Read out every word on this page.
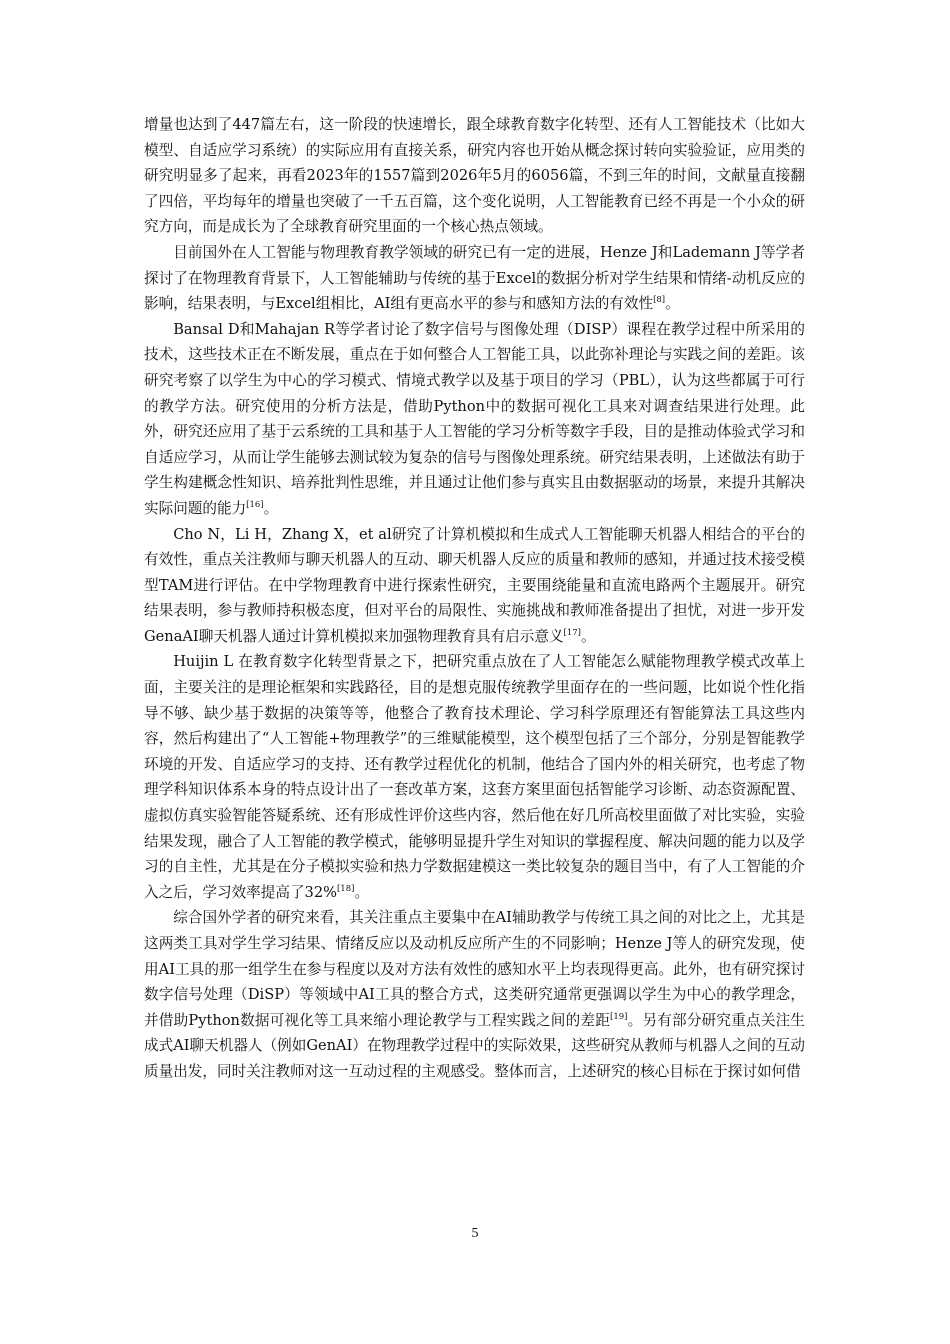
增量也达到了447篇左右，这一阶段的快速增长，跟全球教育数字化转型、还有人工智能技术（比如大模型、自适应学习系统）的实际应用有直接关系，研究内容也开始从概念探讨转向实验验证，应用类的研究明显多了起来，再看2023年的1557篇到2026年5月的6056篇，不到三年的时间，文献量直接翻了四倍，平均每年的增量也突破了一千五百篇，这个变化说明，人工智能教育已经不再是一个小众的研究方向，而是成长为了全球教育研究里面的一个核心热点领域。

目前国外在人工智能与物理教育教学领域的研究已有一定的进展，Henze J和Lademann J等学者探讨了在物理教育背景下，人工智能辅助与传统的基于Excel的数据分析对学生结果和情绪-动机反应的影响，结果表明，与Excel组相比，AI组有更高水平的参与和感知方法的有效性[8]。

Bansal D和Mahajan R等学者讨论了数字信号与图像处理（DISP）课程在教学过程中所采用的技术，这些技术正在不断发展，重点在于如何整合人工智能工具，以此弥补理论与实践之间的差距。该研究考察了以学生为中心的学习模式、情境式教学以及基于项目的学习（PBL），认为这些都属于可行的教学方法。研究使用的分析方法是，借助Python中的数据可视化工具来对调查结果进行处理。此外，研究还应用了基于云系统的工具和基于人工智能的学习分析等数字手段，目的是推动体验式学习和自适应学习，从而让学生能够去测试较为复杂的信号与图像处理系统。研究结果表明，上述做法有助于学生构建概念性知识、培养批判性思维，并且通过让他们参与真实且由数据驱动的场景，来提升其解决实际问题的能力[16]。

Cho N，Li H，Zhang X，et al研究了计算机模拟和生成式人工智能聊天机器人相结合的平台的有效性，重点关注教师与聊天机器人的互动、聊天机器人反应的质量和教师的感知，并通过技术接受模型TAM进行评估。在中学物理教育中进行探索性研究，主要围绕能量和直流电路两个主题展开。研究结果表明，参与教师持积极态度，但对平台的局限性、实施挑战和教师准备提出了担忧，对进一步开发GenaAI聊天机器人通过计算机模拟来加强物理教育具有启示意义[17]。

Huijin L 在教育数字化转型背景之下，把研究重点放在了人工智能怎么赋能物理教学模式改革上面，主要关注的是理论框架和实践路径，目的是想克服传统教学里面存在的一些问题，比如说个性化指导不够、缺少基于数据的决策等等，他整合了教育技术理论、学习科学原理还有智能算法工具这些内容，然后构建出了“人工智能+物理教学”的三维赋能模型，这个模型包括了三个部分，分别是智能教学环境的开发、自适应学习的支持、还有教学过程优化的机制，他结合了国内外的相关研究，也考虑了物理学科知识体系本身的特点设计出了一套改革方案，这套方案里面包括智能学习诊断、动态资源配置、虚拟仿真实验智能答疑系统、还有形成性评价这些内容，然后他在好几所高校里面做了对比实验，实验结果发现，融合了人工智能的教学模式，能够明显提升学生对知识的掌握程度、解决问题的能力以及学习的自主性，尤其是在分子模拟实验和热力学数据建模这一类比较复杂的题目当中，有了人工智能的介入之后，学习效率提高了32%[18]。

综合国外学者的研究来看，其关注重点主要集中在AI辅助教学与传统工具之间的对比之上，尤其是这两类工具对学生学习结果、情绪反应以及动机反应所产生的不同影响；Henze J等人的研究发现，使用AI工具的那一组学生在参与程度以及对方法有效性的感知水平上均表现得更高。此外，也有研究探讨数字信号处理（DiSP）等领域中AI工具的整合方式，这类研究通常更强调以学生为中心的教学理念，并借助Python数据可视化等工具来缩小理论教学与工程实践之间的差距[19]。另有部分研究重点关注生成式AI聊天机器人（例如GenAI）在物理教学过程中的实际效果，这些研究从教师与机器人之间的互动质量出发，同时关注教师对这一互动过程的主观感受。整体而言，上述研究的核心目标在于探讨如何借

5
